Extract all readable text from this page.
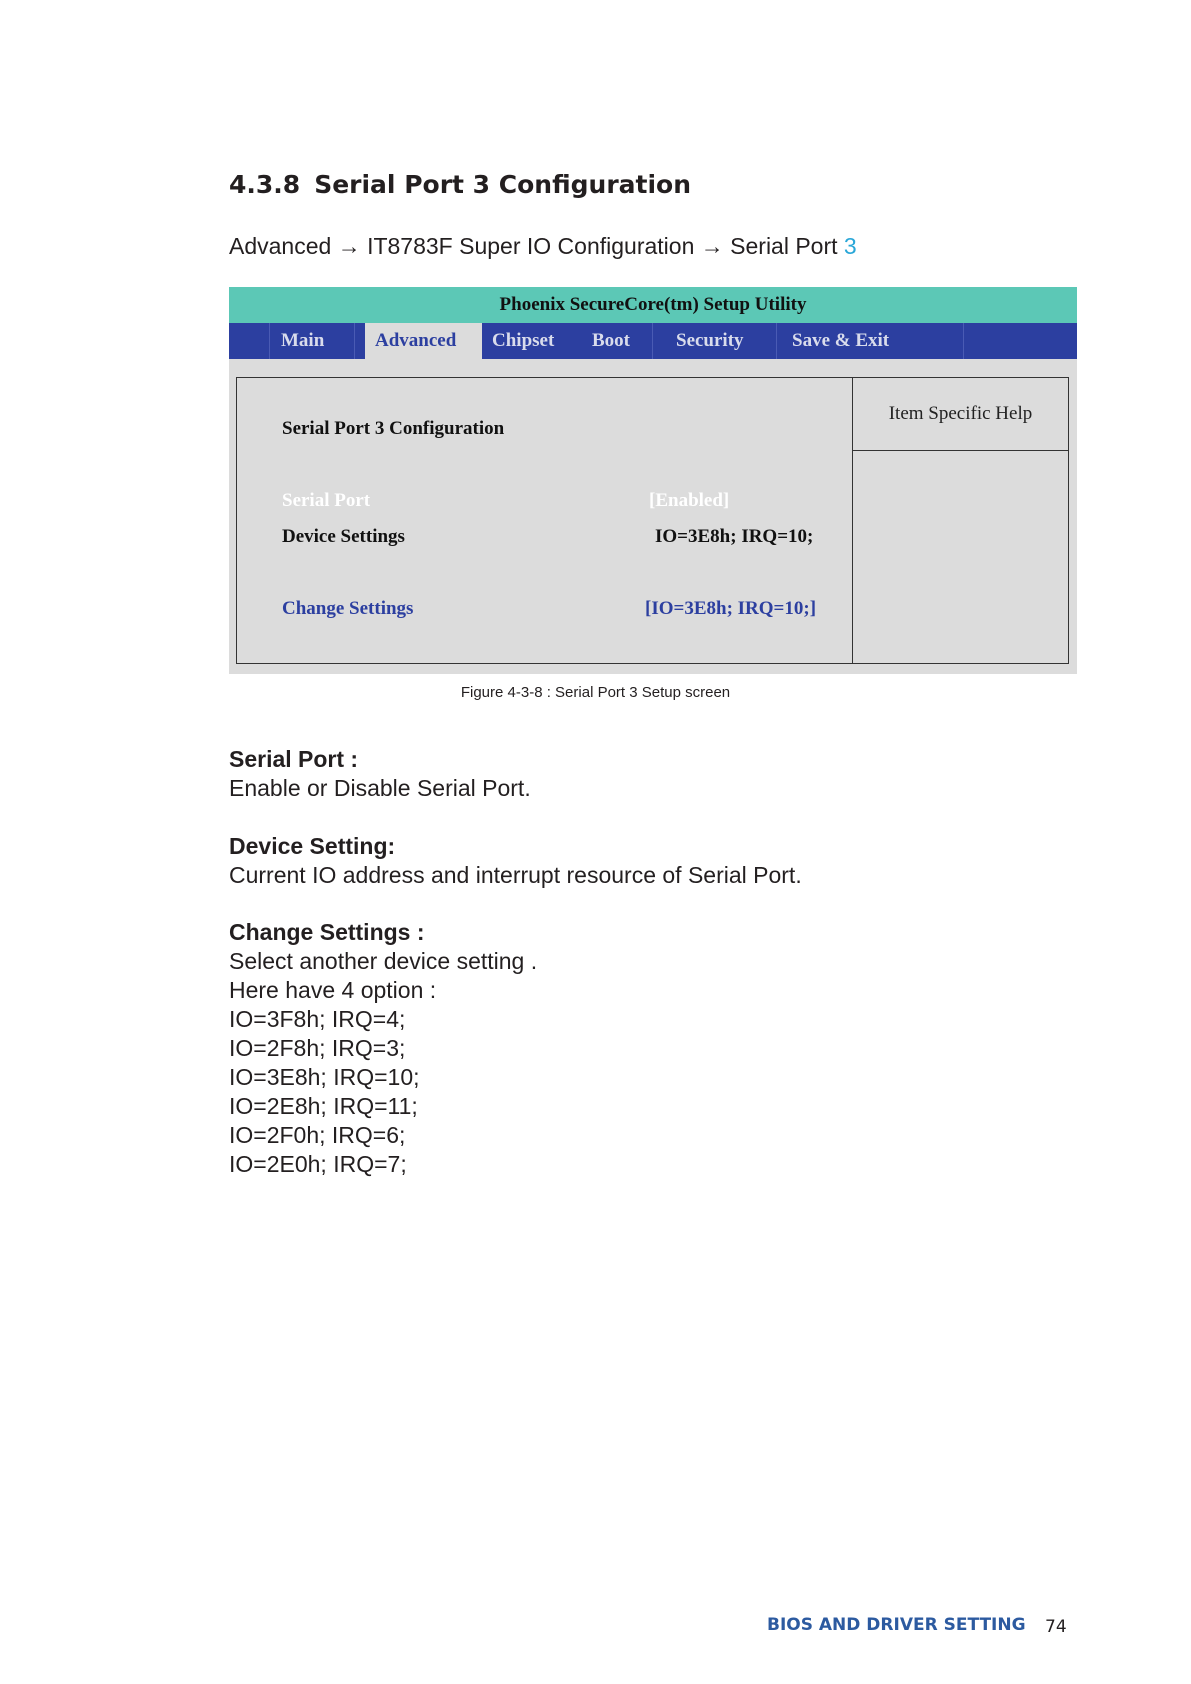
4.3.8 Serial Port 3 Configuration
Advanced → IT8783F Super IO Configuration → Serial Port 3
Phoenix SecureCore(tm) Setup Utility
Main	Advanced	Chipset	Boot	Security	Save & Exit
Serial Port 3 Configuration
Serial Port	[Enabled]
Device Settings	IO=3E8h; IRQ=10;
Change Settings	[IO=3E8h; IRQ=10;]
Item Specific Help
Figure 4-3-8 : Serial Port 3 Setup screen
Serial Port :
Enable or Disable Serial Port.
Device Setting:
Current IO address and interrupt resource of Serial Port.
Change Settings :
Select another device setting .
Here have 4 option :
IO=3F8h; IRQ=4;
IO=2F8h; IRQ=3;
IO=3E8h; IRQ=10;
IO=2E8h; IRQ=11;
IO=2F0h; IRQ=6;
IO=2E0h; IRQ=7;
BIOS AND DRIVER SETTING 74
